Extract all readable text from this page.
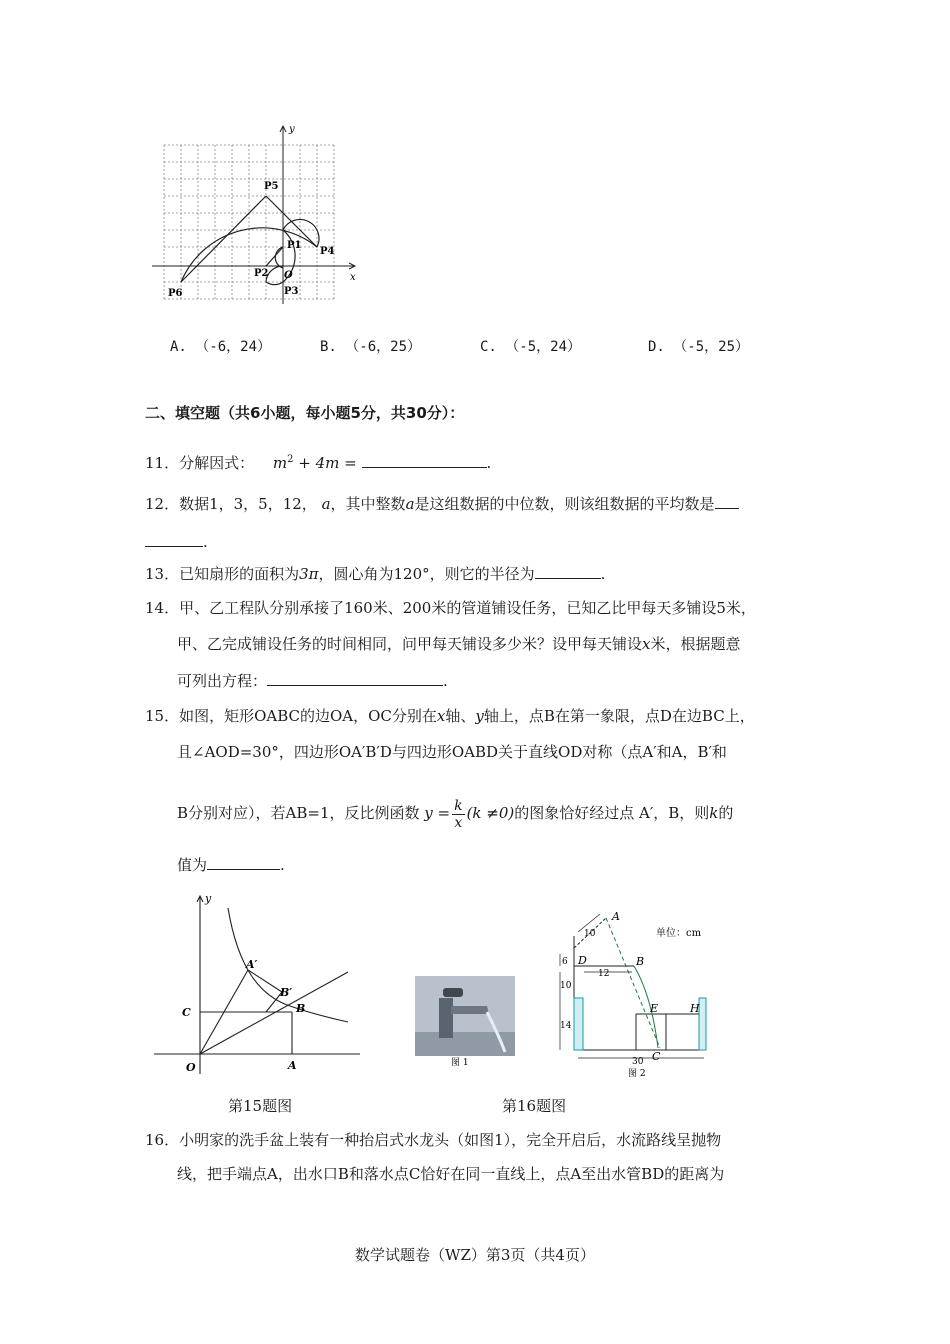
y
x
O
P1
P2
P3
P4
P5
P6
A. （-6，24）	B. （-6，25）	C. （-5，24）	D. （-5，25）
二、填空题（共6小题，每小题5分，共30分）：
11．分解因式： $m^2 + 4m$ =	.
12．数据1，3，5，12， a，其中整数a是这组数据的中位数，则该组数据的平均数是
.
13．已知扇形的面积为3π，圆心角为120°，则它的半径为	.
14．甲、乙工程队分别承接了160米、200米的管道铺设任务，已知乙比甲每天多铺设5米，
甲、乙完成铺设任务的时间相同，问甲每天铺设多少米？设甲每天铺设x米，根据题意
可列出方程：	.
15．如图，矩形OABC的边OA，OC分别在x轴、y轴上，点B在第一象限，点D在边BC上，
且∠AOD=30°，四边形OA′B′D与四边形OABD关于直线OD对称（点A′和A，B′和
B分别对应），若AB=1，反比例函数 $y = \frac{k}{x} (k \ne 0)$的图象恰好经过点 A′，B，则k的
值为	.
y
A′
B′
B
C
O	A	图 1
单位：cm
A
B
C
D
E	H
10
6
12
10
14
30
图 2
第15题图	第16题图
16．小明家的洗手盆上装有一种抬启式水龙头（如图1），完全开启后，水流路线呈抛物
线，把手端点A，出水口B和落水点C恰好在同一直线上，点A至出水管BD的距离为
数学试题卷（WZ）第3页（共4页）
